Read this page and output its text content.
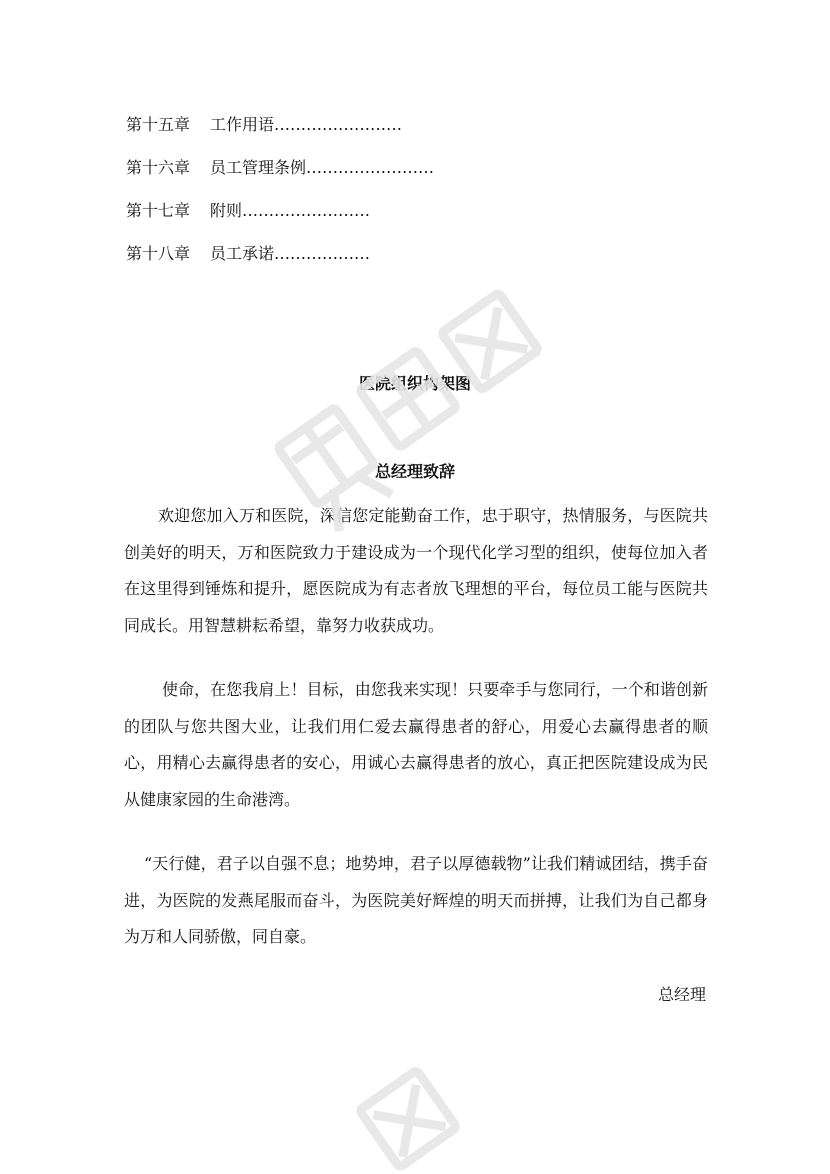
第十五章 工作用语……………………
第十六章 员工管理条例……………………
第十七章 附则……………………
第十八章 员工承诺………………
医院组织构架图
总经理致辞
欢迎您加入万和医院，深信您定能勤奋工作，忠于职守，热情服务，与医院共创美好的明天，万和医院致力于建设成为一个现代化学习型的组织，使每位加入者在这里得到锤炼和提升，愿医院成为有志者放飞理想的平台，每位员工能与医院共同成长。用智慧耕耘希望，靠努力收获成功。
使命，在您我肩上！目标，由您我来实现！只要牵手与您同行，一个和谐创新的团队与您共图大业，让我们用仁爱去赢得患者的舒心，用爱心去赢得患者的顺心，用精心去赢得患者的安心，用诚心去赢得患者的放心，真正把医院建设成为民从健康家园的生命港湾。
“天行健，君子以自强不息；地势坤，君子以厚德载物”让我们精诚团结，携手奋进，为医院的发燕尾服而奋斗，为医院美好辉煌的明天而拼搏，让我们为自己都身为万和人同骄傲，同自豪。
总经理
